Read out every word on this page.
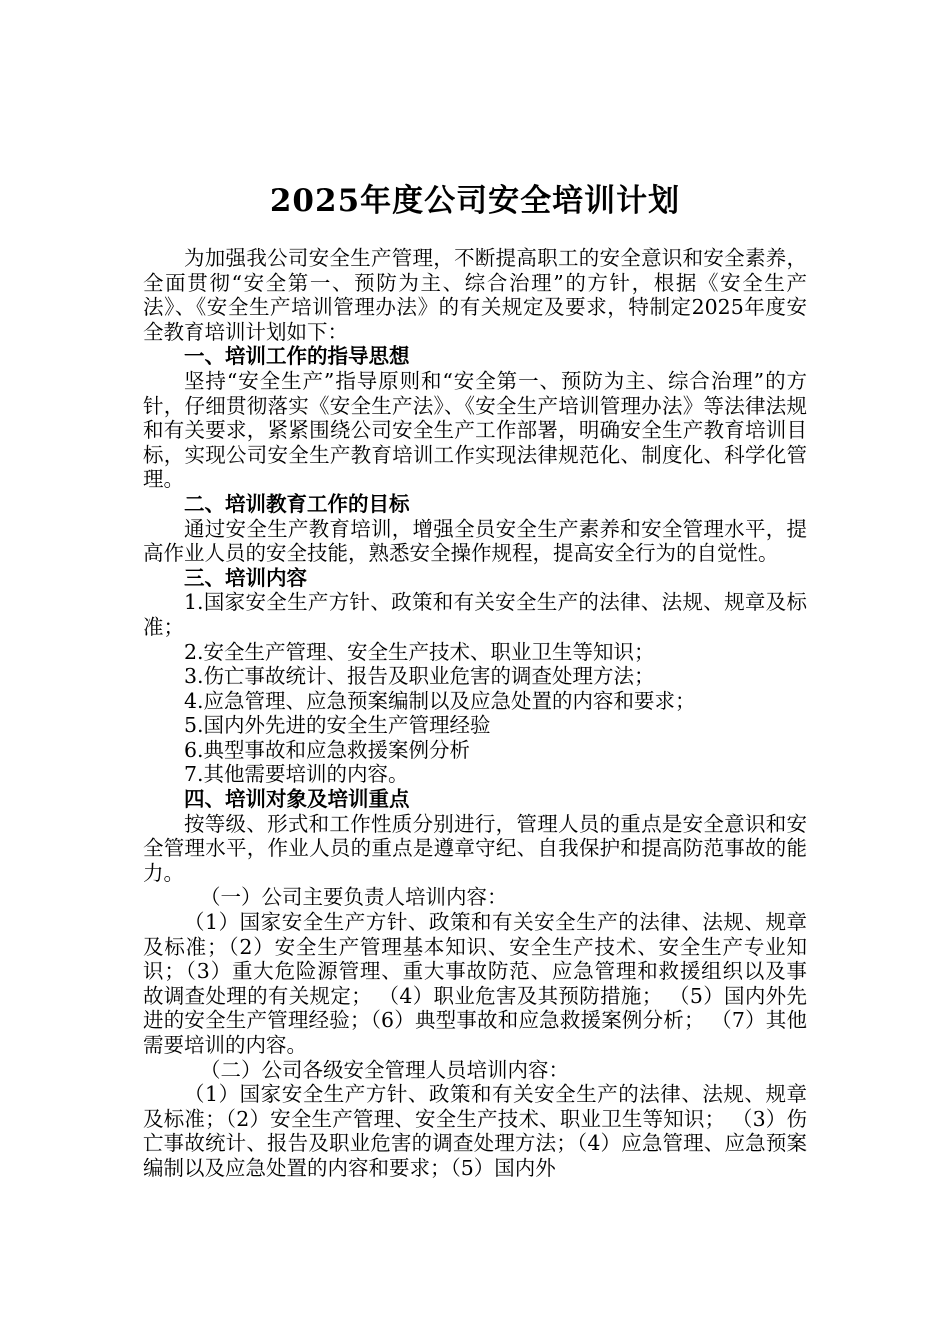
2025年度公司安全培训计划

为加强我公司安全生产管理，不断提高职工的安全意识和安全素养，全面贯彻“安全第一、预防为主、综合治理”的方针，根据《安全生产法》、《安全生产培训管理办法》的有关规定及要求，特制定2025年度安全教育培训计划如下：

一、培训工作的指导思想

坚持“安全生产”指导原则和“安全第一、预防为主、综合治理”的方针，仔细贯彻落实《安全生产法》、《安全生产培训管理办法》等法律法规和有关要求，紧紧围绕公司安全生产工作部署，明确安全生产教育培训目标，实现公司安全生产教育培训工作实现法律规范化、制度化、科学化管理。

二、培训教育工作的目标

通过安全生产教育培训，增强全员安全生产素养和安全管理水平，提高作业人员的安全技能，熟悉安全操作规程，提高安全行为的自觉性。

三、培训内容

1.国家安全生产方针、政策和有关安全生产的法律、法规、规章及标准；

2.安全生产管理、安全生产技术、职业卫生等知识；

3.伤亡事故统计、报告及职业危害的调查处理方法；

4.应急管理、应急预案编制以及应急处置的内容和要求；

5.国内外先进的安全生产管理经验

6.典型事故和应急救援案例分析

7.其他需要培训的内容。

四、培训对象及培训重点

按等级、形式和工作性质分别进行，管理人员的重点是安全意识和安全管理水平，作业人员的重点是遵章守纪、自我保护和提高防范事故的能力。

（一）公司主要负责人培训内容：

（1）国家安全生产方针、政策和有关安全生产的法律、法规、规章及标准；（2）安全生产管理基本知识、安全生产技术、安全生产专业知识；（3）重大危险源管理、重大事故防范、应急管理和救援组织以及事 故调查处理的有关规定； （4）职业危害及其预防措施； （5）国内外先进的安全生产管理经验；（6）典型事故和应急救援案例分析； （7）其他需要培训的内容。

（二）公司各级安全管理人员培训内容：

（1）国家安全生产方针、政策和有关安全生产的法律、法规、规章 及标准；（2）安全生产管理、安全生产技术、职业卫生等知识； （3）伤亡事故统计、报告及职业危害的调查处理方法；（4）应急管理、应急预案编制以及应急处置的内容和要求；（5）国内外
